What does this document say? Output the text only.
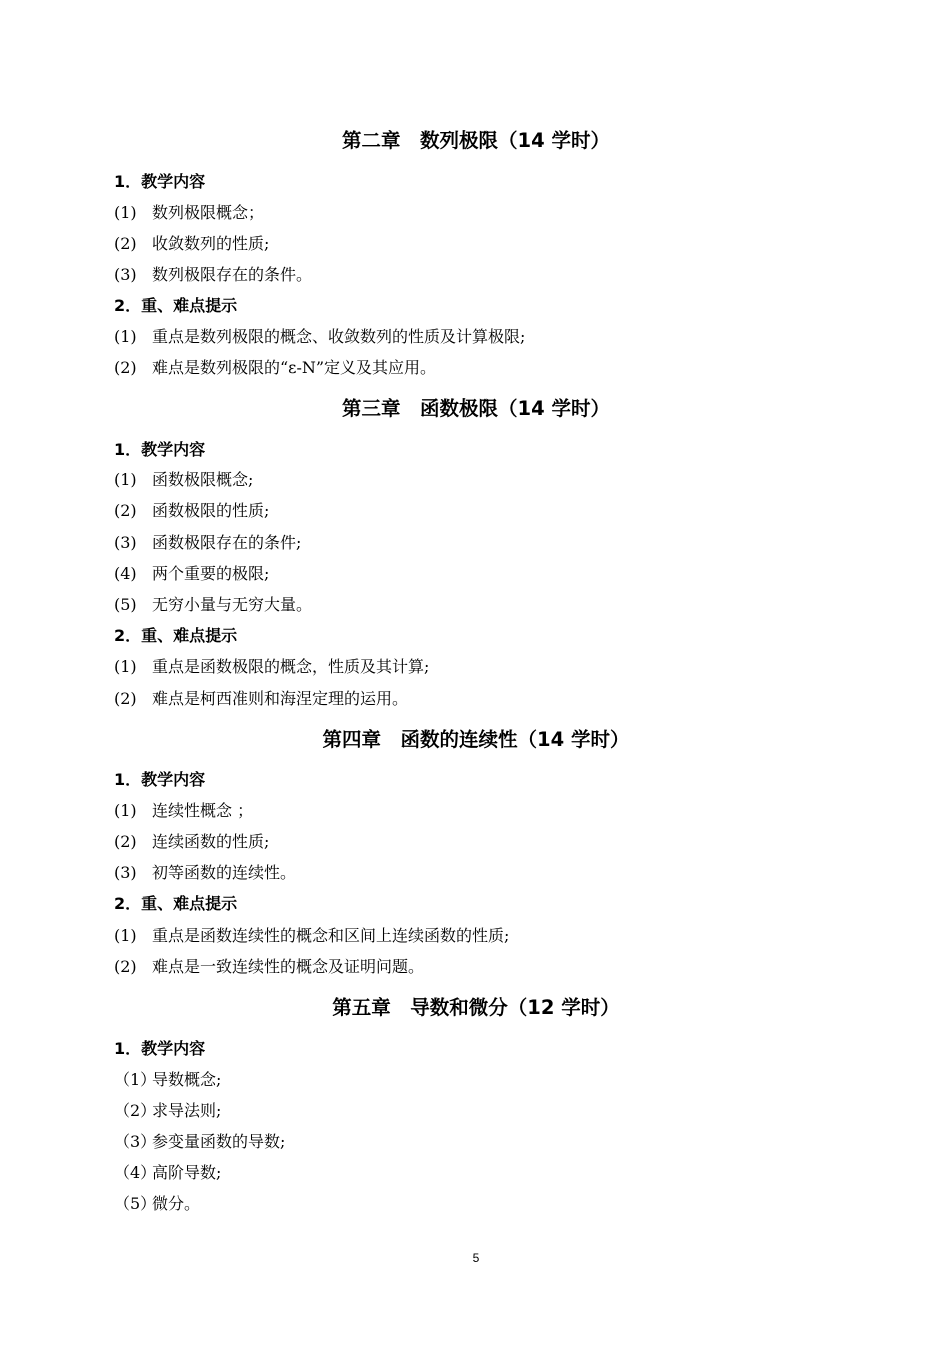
第二章　数列极限（14 学时）
1．教学内容
(1) 数列极限概念；
(2) 收敛数列的性质;
(3) 数列极限存在的条件。
2．重、难点提示
(1) 重点是数列极限的概念、收敛数列的性质及计算极限;
(2) 难点是数列极限的“ε-N”定义及其应用。
第三章　函数极限（14 学时）
1．教学内容
(1) 函数极限概念;
(2) 函数极限的性质;
(3) 函数极限存在的条件;
(4) 两个重要的极限;
(5) 无穷小量与无穷大量。
2．重、难点提示
(1) 重点是函数极限的概念，性质及其计算;
(2) 难点是柯西准则和海涅定理的运用。
第四章　函数的连续性（14 学时）
1．教学内容
(1) 连续性概念 ；
(2) 连续函数的性质;
(3) 初等函数的连续性。
2．重、难点提示
(1) 重点是函数连续性的概念和区间上连续函数的性质;
(2) 难点是一致连续性的概念及证明问题。
第五章　导数和微分（12 学时）
1．教学内容
（1）导数概念;
（2）求导法则;
（3）参变量函数的导数;
（4）高阶导数;
（5）微分。
5
